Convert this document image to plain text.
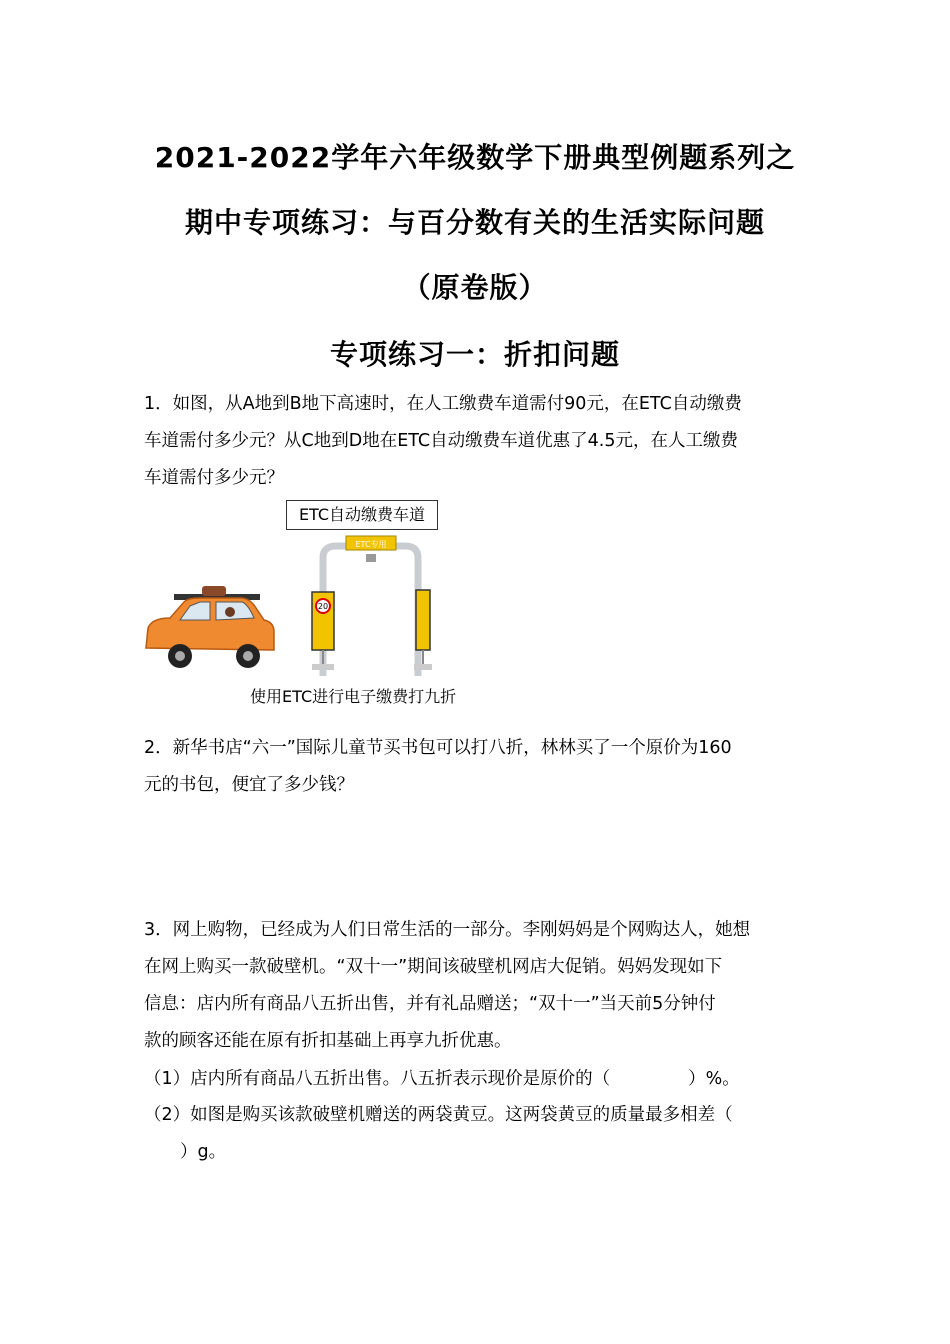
2021-2022学年六年级数学下册典型例题系列之
期中专项练习：与百分数有关的生活实际问题
（原卷版）
专项练习一：折扣问题
1．如图，从A地到B地下高速时，在人工缴费车道需付90元，在ETC自动缴费
车道需付多少元？从C地到D地在ETC自动缴费车道优惠了4.5元，在人工缴费
车道需付多少元？
ETC自动缴费车道
ETC专用
20
使用ETC进行电子缴费打九折
2．新华书店“六一”国际儿童节买书包可以打八折，林林买了一个原价为160
元的书包，便宜了多少钱？
3．网上购物，已经成为人们日常生活的一部分。李刚妈妈是个网购达人，她想
在网上购买一款破壁机。“双十一”期间该破壁机网店大促销。妈妈发现如下
信息：店内所有商品八五折出售，并有礼品赠送；“双十一”当天前5分钟付
款的顾客还能在原有折扣基础上再享九折优惠。
（1）店内所有商品八五折出售。八五折表示现价是原价的（	）%。
（2）如图是购买该款破壁机赠送的两袋黄豆。这两袋黄豆的质量最多相差（
）g。
